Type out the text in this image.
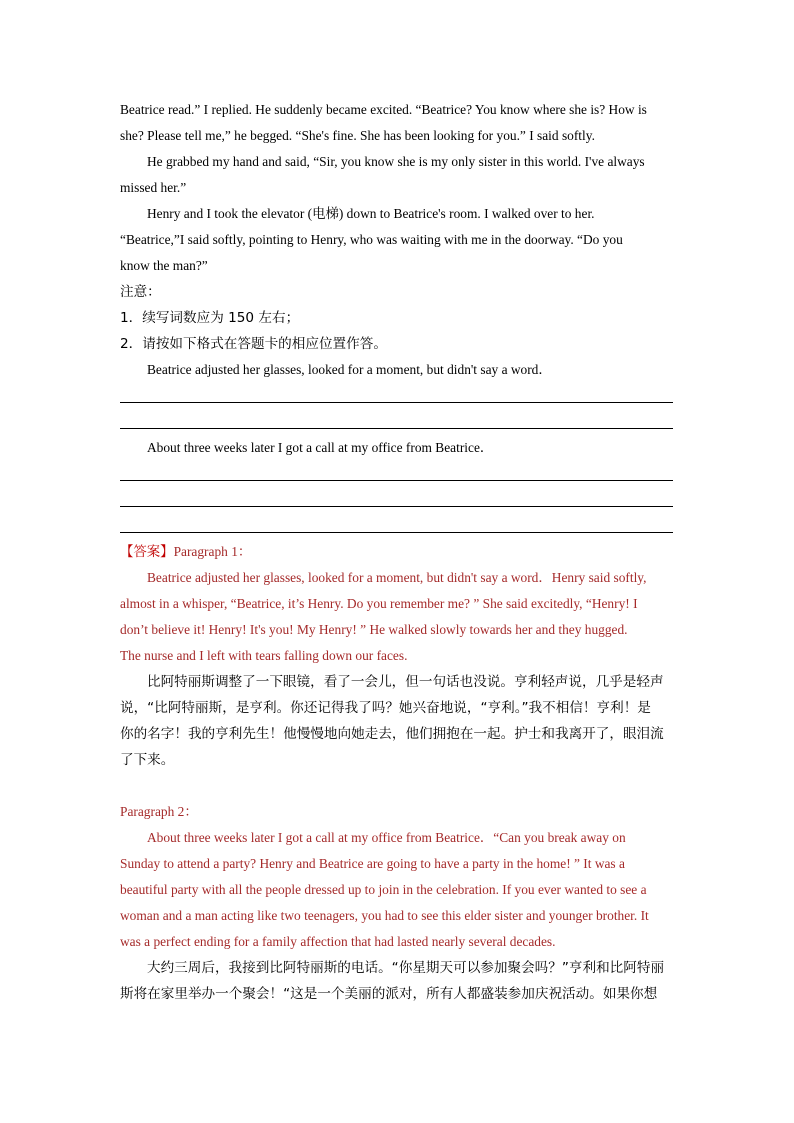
Beatrice read.” I replied. He suddenly became excited. “Beatrice? You know where she is? How is
she? Please tell me,” he begged. “She's fine. She has been looking for you.” I said softly.
He grabbed my hand and said, “Sir, you know she is my only sister in this world. I've always
missed her.”
Henry and I took the elevator (电梯) down to Beatrice's room. I walked over to her.
“Beatrice,”I said softly, pointing to Henry, who was waiting with me in the doorway. “Do you
know the man?”
注意：
1．续写词数应为 150 左右；
2．请按如下格式在答题卡的相应位置作答。
Beatrice adjusted her glasses, looked for a moment, but didn't say a word．
About three weeks later I got a call at my office from Beatrice．
【答案】Paragraph 1：
Beatrice adjusted her glasses, looked for a moment, but didn't say a word．Henry said softly,
almost in a whisper, “Beatrice, it’s Henry. Do you remember me? ” She said excitedly, “Henry! I
don’t believe it! Henry! It's you! My Henry! ” He walked slowly towards her and they hugged.
The nurse and I left with tears falling down our faces.
比阿特丽斯调整了一下眼镜，看了一会儿，但一句话也没说。亨利轻声说，几乎是轻声
说，“比阿特丽斯，是亨利。你还记得我了吗？她兴奋地说，“亨利。”我不相信！亨利！是
你的名字！我的亨利先生！他慢慢地向她走去，他们拥抱在一起。护士和我离开了，眼泪流
了下来。
Paragraph 2：
About three weeks later I got a call at my office from Beatrice．“Can you break away on
Sunday to attend a party? Henry and Beatrice are going to have a party in the home! ” It was a
beautiful party with all the people dressed up to join in the celebration. If you ever wanted to see a
woman and a man acting like two teenagers, you had to see this elder sister and younger brother. It
was a perfect ending for a family affection that had lasted nearly several decades.
大约三周后，我接到比阿特丽斯的电话。“你星期天可以参加聚会吗？”亨利和比阿特丽
斯将在家里举办一个聚会！“这是一个美丽的派对，所有人都盛装参加庆祝活动。如果你想
